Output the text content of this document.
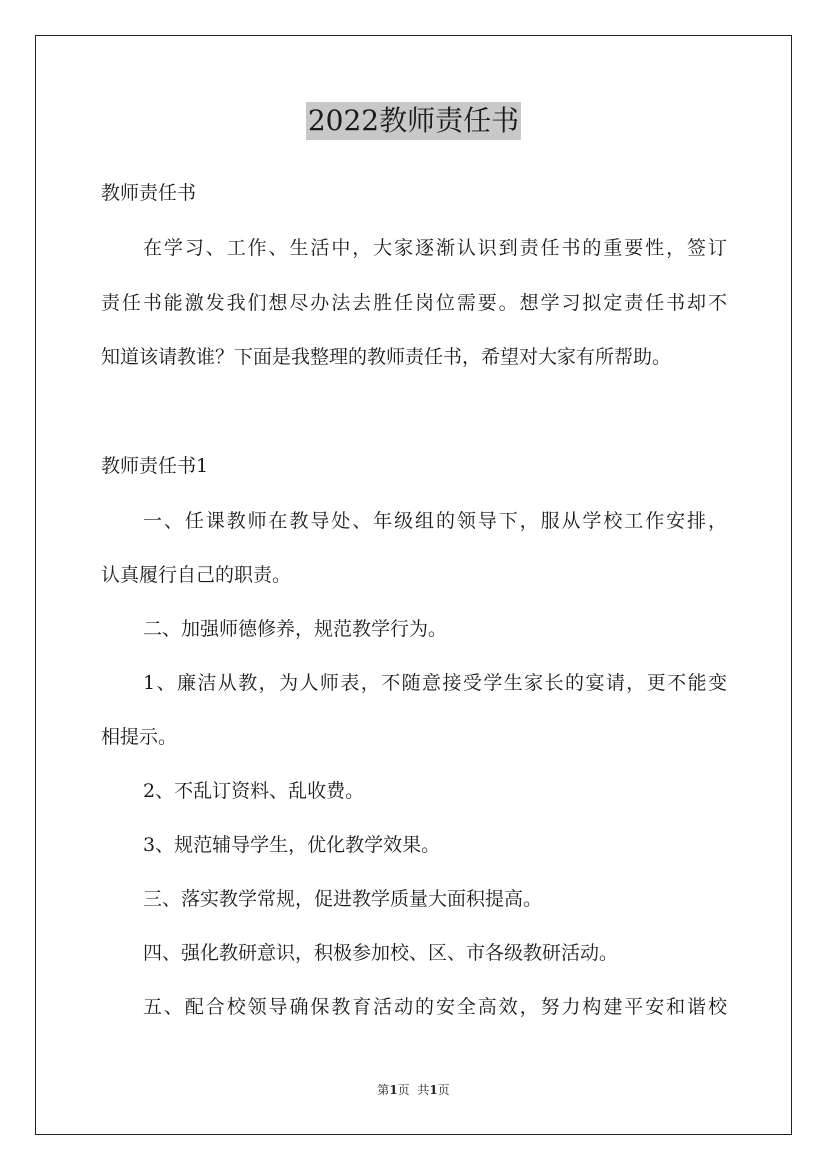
2022教师责任书
教师责任书
在学习、工作、生活中，大家逐渐认识到责任书的重要性，签订
责任书能激发我们想尽办法去胜任岗位需要。想学习拟定责任书却不
知道该请教谁？下面是我整理的教师责任书，希望对大家有所帮助。
教师责任书1
一、任课教师在教导处、年级组的领导下，服从学校工作安排，
认真履行自己的职责。
二、加强师德修养，规范教学行为。
1、廉洁从教，为人师表，不随意接受学生家长的宴请，更不能变
相提示。
2、不乱订资料、乱收费。
3、规范辅导学生，优化教学效果。
三、落实教学常规，促进教学质量大面积提高。
四、强化教研意识，积极参加校、区、市各级教研活动。
五、配合校领导确保教育活动的安全高效，努力构建平安和谐校
第1页  共1页
